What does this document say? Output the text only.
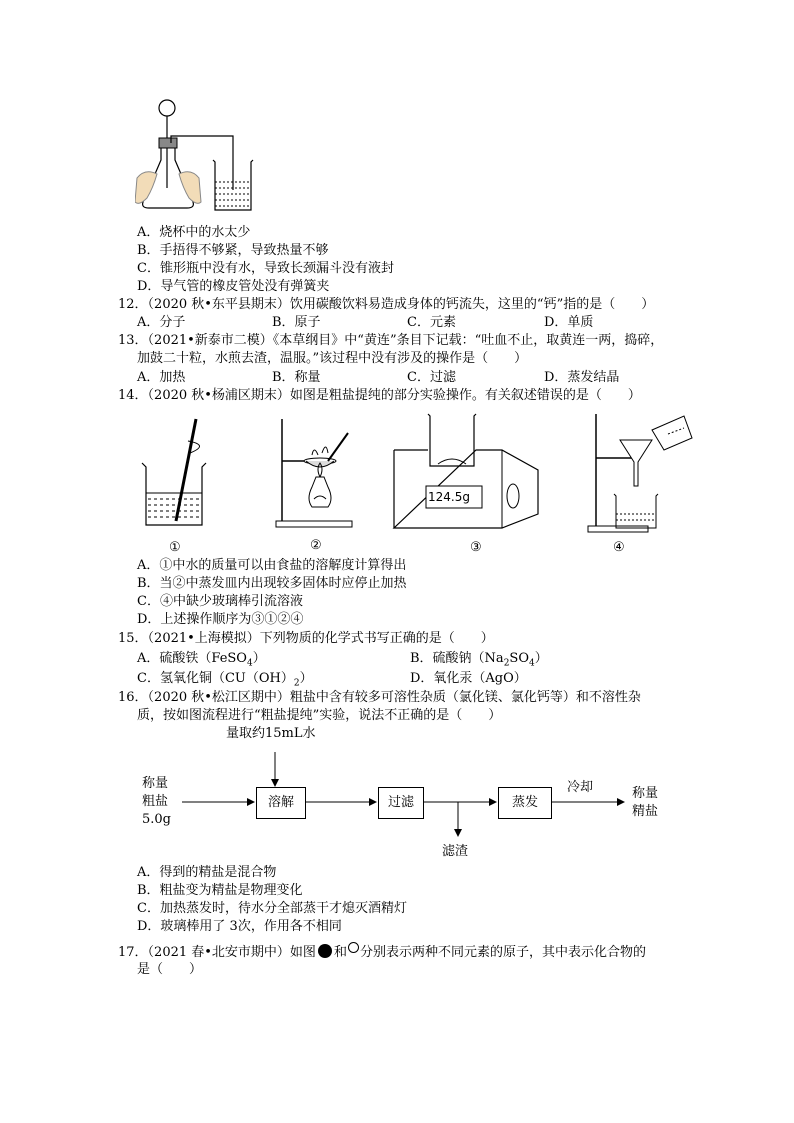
A．烧杯中的水太少
B．手捂得不够紧，导致热量不够
C．锥形瓶中没有水，导致长颈漏斗没有液封
D．导气管的橡皮管处没有弹簧夹
12．（2020 秋•东平县期末）饮用碳酸饮料易造成身体的钙流失，这里的“钙”指的是（　　）
A．分子	B．原子	C．元素	D．单质
13．（2021•新泰市二模）《本草纲目》中“黄连”条目下记载：“吐血不止，取黄连一两，捣碎，
加鼓二十粒，水煎去渣，温服。”该过程中没有涉及的操作是（　　）
A．加热	B．称量	C．过滤	D．蒸发结晶
14．（2020 秋•杨浦区期末）如图是粗盐提纯的部分实验操作。有关叙述错误的是（　　）
①	②
124.5g
③	④
A．①中水的质量可以由食盐的溶解度计算得出
B．当②中蒸发皿内出现较多固体时应停止加热
C．④中缺少玻璃棒引流溶液
D．上述操作顺序为③①②④
15．（2021•上海模拟）下列物质的化学式书写正确的是（　　）
A．硫酸铁（FeSO$_4$）	B．硫酸钠$(Na_2SO_4)$
C．氢氧化铜$(CU(OH)_2)$	D．氧化汞（AgO）
16．（2020 秋•松江区期中）粗盐中含有较多可溶性杂质（氯化镁、氯化钙等）和不溶性杂
质，按如图流程进行“粗盐提纯”实验，说法不正确的是（　　）
量取约15mL水
称量
粗盐
5.0g
溶解	过滤	蒸发
滤渣
冷却	称量
精盐
A．得到的精盐是混合物
B．粗盐变为精盐是物理变化
C．加热蒸发时，待水分全部蒸干才熄灭酒精灯
D．玻璃棒用了 3次，作用各不相同
17．（2021 春•北安市期中）如图 和 分别表示两种不同元素的原子，其中表示化合物的
是（　　）
